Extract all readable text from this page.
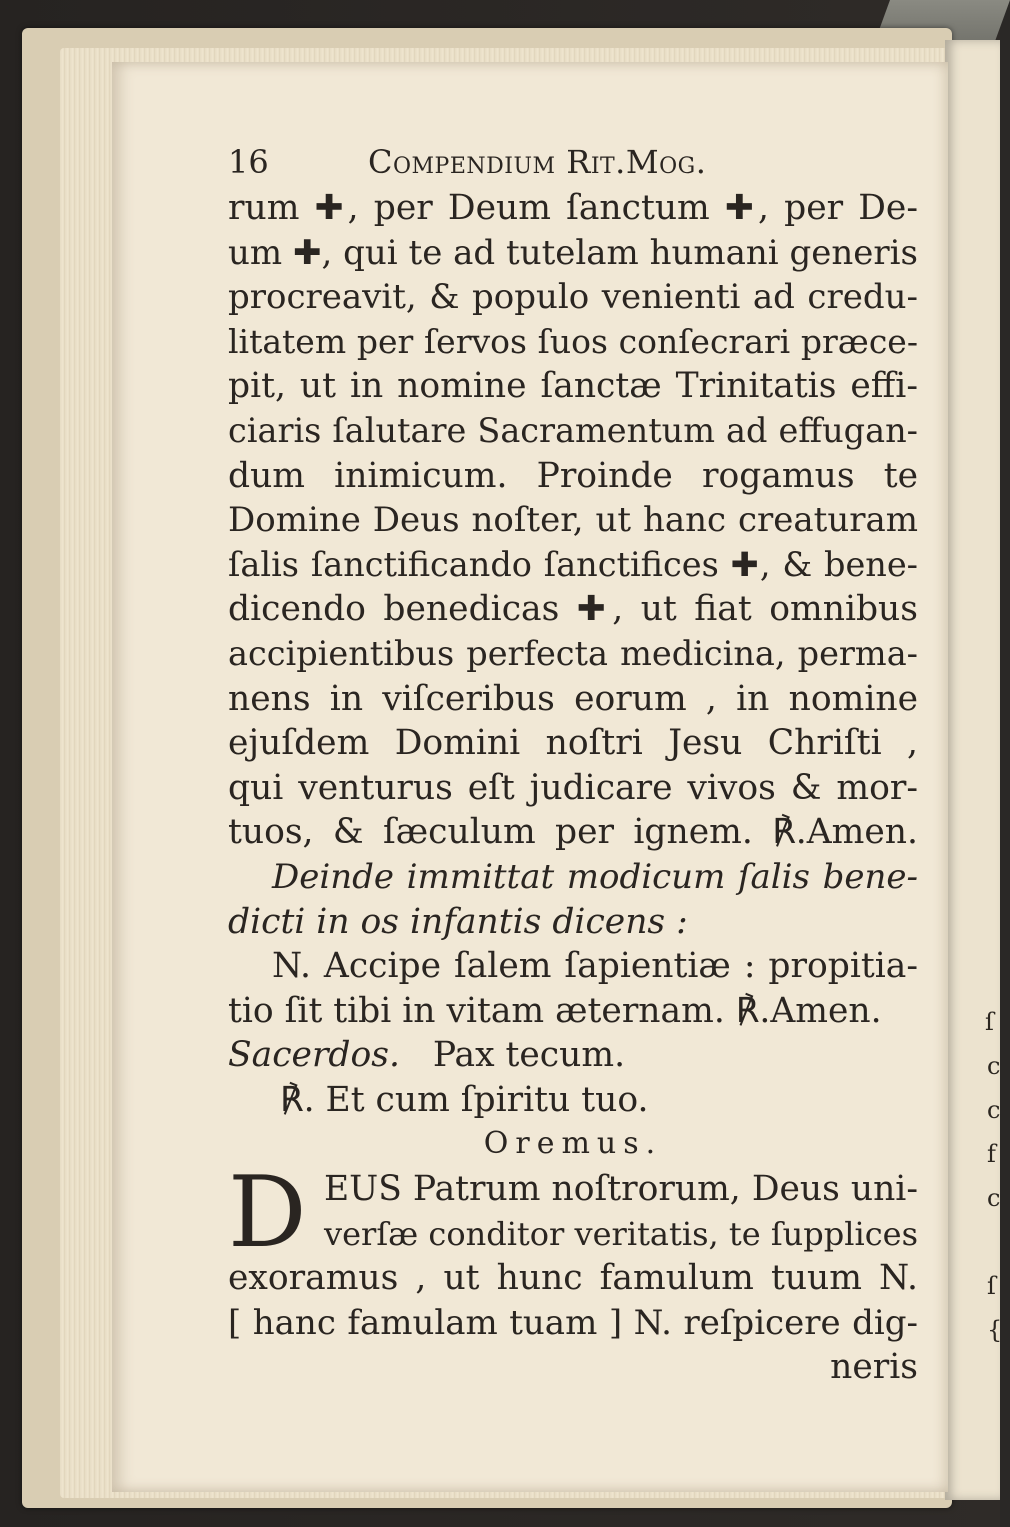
ſ
c
c
f
c
ſ
{
16	Compendium Rit.Mog.
rum ✚, per Deum ſanctum ✚, per De-
um ✚, qui te ad tutelam humani generis
procreavit, & populo venienti ad credu-
litatem per ſervos ſuos conſecrari præce-
pit, ut in nomine ſanctæ Trinitatis effi-
ciaris ſalutare Sacramentum ad effugan-
dum inimicum. Proinde rogamus te
Domine Deus noſter, ut hanc creaturam
ſalis ſanctificando ſanctifices ✚, & bene-
dicendo benedicas ✚, ut fiat omnibus
accipientibus perfecta medicina, perma-
nens in viſceribus eorum , in nomine
ejuſdem Domini noſtri Jesu Chriſti ,
qui venturus eſt judicare vivos & mor-
tuos, & ſæculum per ignem. ℟.Amen.
Deinde immittat modicum ſalis bene-
dicti in os infantis dicens :
N. Accipe ſalem ſapientiæ : propitia-
tio ſit tibi in vitam æternam. ℟.Amen.
Sacerdos. Pax tecum.
℟. Et cum ſpiritu tuo.
Oremus.
D EUS Patrum noſtrorum, Deus uni-
verſæ conditor veritatis, te ſupplices
exoramus , ut hunc famulum tuum N.
[ hanc famulam tuam ] N. reſpicere dig-
neris
